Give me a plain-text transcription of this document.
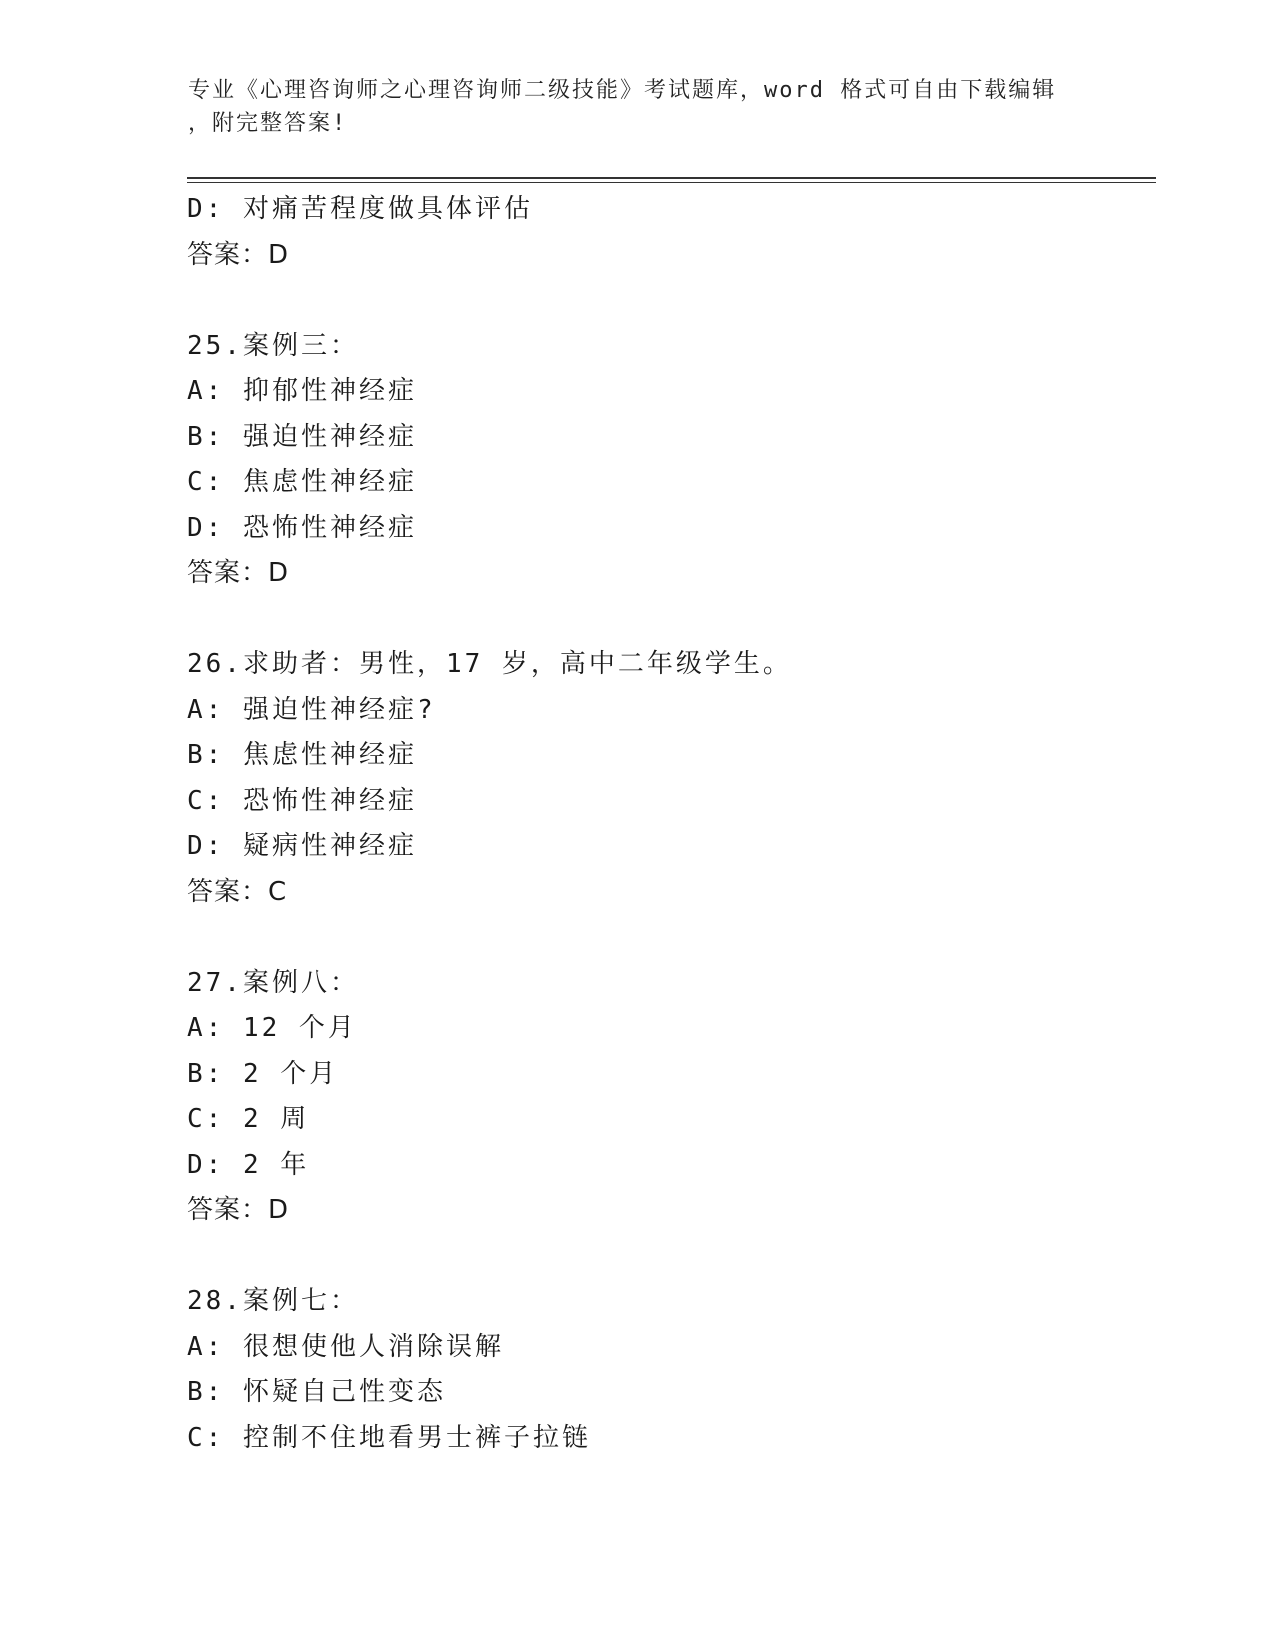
专业《心理咨询师之心理咨询师二级技能》考试题库，word 格式可自由下载编辑
，附完整答案!
D: 对痛苦程度做具体评估
答案：D
25.案例三：
A: 抑郁性神经症
B: 强迫性神经症
C: 焦虑性神经症
D: 恐怖性神经症
答案：D
26.求助者：男性，17 岁，高中二年级学生。
A: 强迫性神经症?
B: 焦虑性神经症
C: 恐怖性神经症
D: 疑病性神经症
答案：C
27.案例八：
A: 12 个月
B: 2 个月
C: 2 周
D: 2 年
答案：D
28.案例七：
A: 很想使他人消除误解
B: 怀疑自己性变态
C: 控制不住地看男士裤子拉链
